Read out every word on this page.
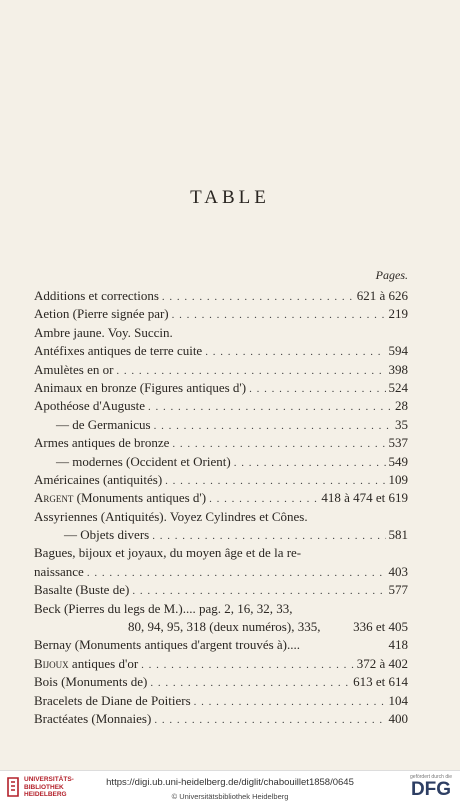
TABLE
Pages.
Additions et corrections . . .	621 à 626
Aetion (Pierre signée par) . . .	219
Ambre jaune. Voy. Succin.
Antéfixes antiques de terre cuite . . .	594
Amulètes en or . . .	398
Animaux en bronze (Figures antiques d') . . .	524
Apothéose d'Auguste . . .	28
— de Germanicus . . .	35
Armes antiques de bronze . . .	537
— modernes (Occident et Orient) . . .	549
Américaines (antiquités) . . .	109
Argent (Monuments antiques d') . . .	418 à 474 et 619
Assyriennes (Antiquités). Voyez Cylindres et Cônes.
— Objets divers . . .	581
Bagues, bijoux et joyaux, du moyen âge et de la re-
naissance . . .	403
Basalte (Buste de) . . .	577
Beck (Pierres du legs de M.).... pag. 2, 16, 32, 33,
80, 94, 95, 318 (deux numéros), 335,	336 et 405
Bernay (Monuments antiques d'argent trouvés à)....	418
Bijoux antiques d'or . . .	372 à 402
Bois (Monuments de) . . .	613 et 614
Bracelets de Diane de Poitiers . . .	104
Bractéates (Monnaies) . . .	400
UNIVERSITÄTS-
BIBLIOTHEK
HEIDELBERG
https://digi.ub.uni-heidelberg.de/diglit/chabouillet1858/0645
© Universitätsbibliothek Heidelberg
gefördert durch die
DFG
